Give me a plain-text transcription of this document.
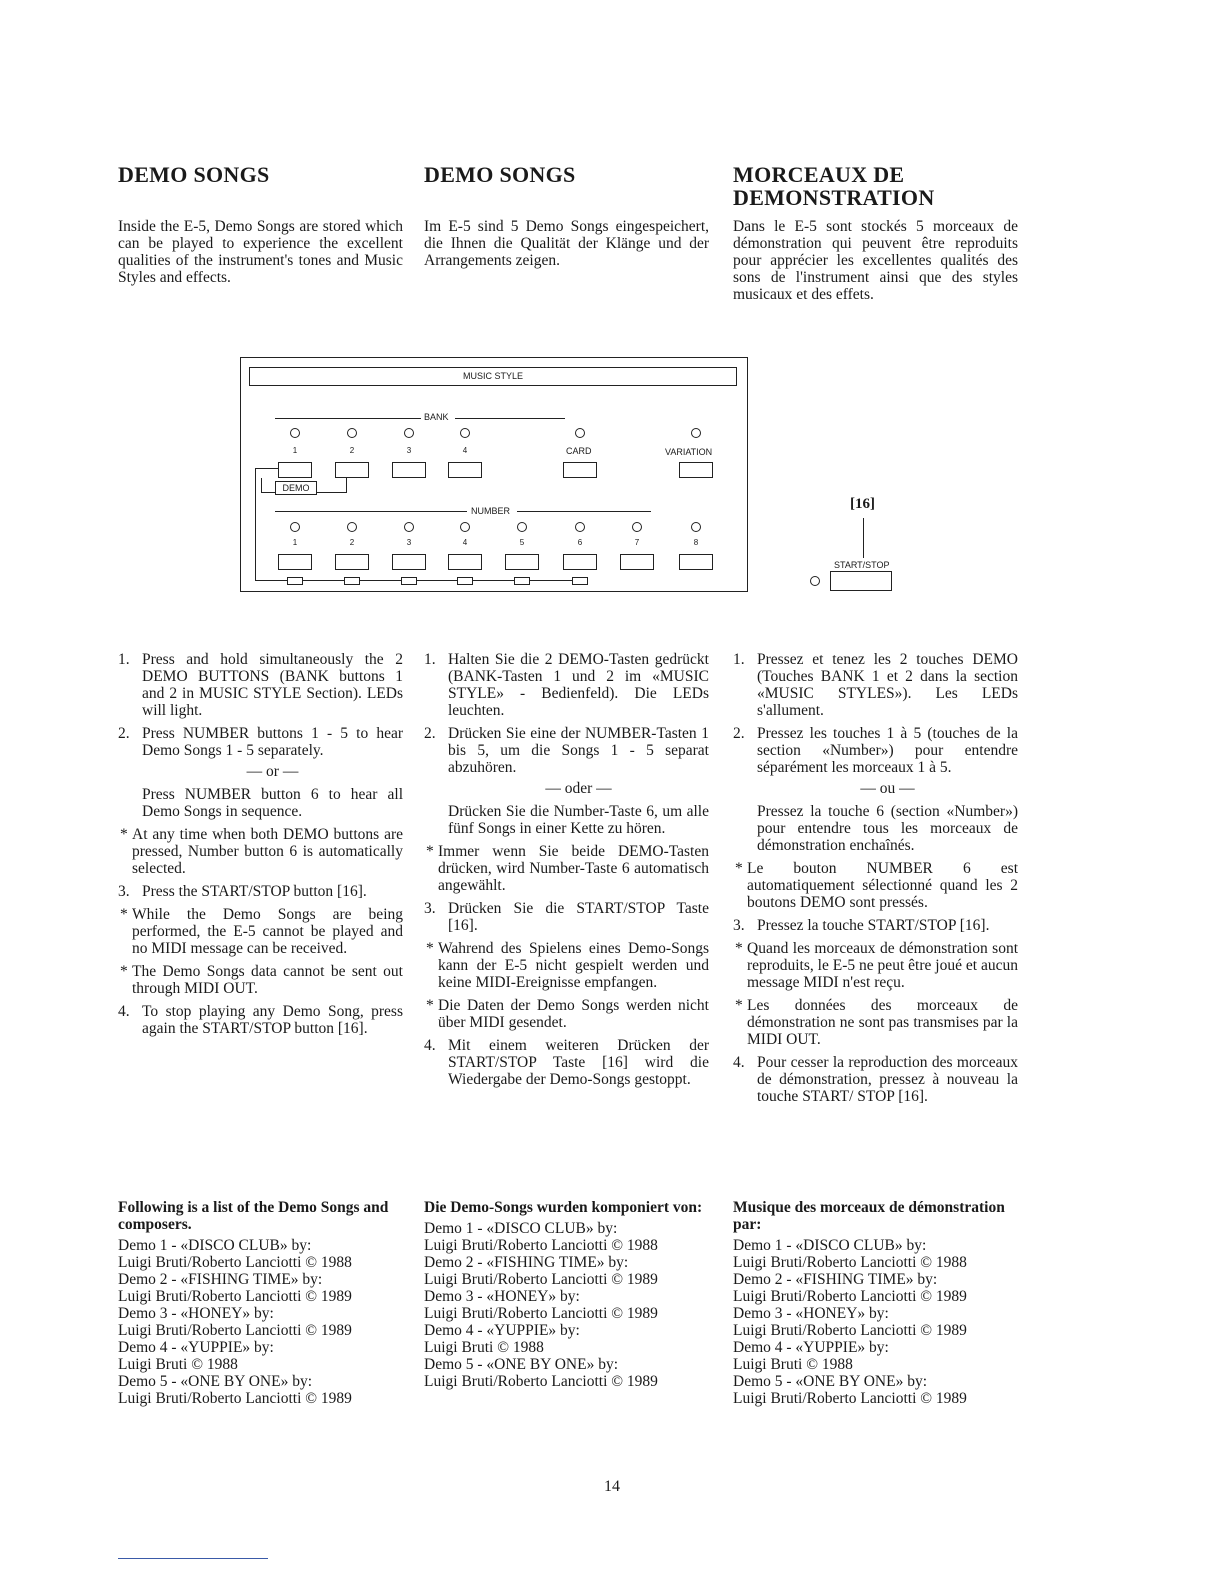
DEMO SONGS

Inside the E-5, Demo Songs are stored which can be played to experience the excellent qualities of the instrument's tones and Music Styles and effects.

DEMO SONGS

Im E-5 sind 5 Demo Songs eingespeichert, die Ihnen die Qualität der Klänge und der Arrangements zeigen.

MORCEAUX DE DEMONSTRATION

Dans le E-5 sont stockés 5 morceaux de démonstration qui peuvent être reproduits pour apprécier les excellentes qualités des sons de l'instrument ainsi que des styles musicaux et des effets.

MUSIC STYLE
BANK
1	2	3	4	CARD	VARIATION
DEMO
NUMBER
1	2	3	4	5	6	7	8
[16]
START/STOP
1. Press and hold simultaneously the 2 DEMO BUTTONS (BANK buttons 1 and 2 in MUSIC STYLE Section). LEDs will light.
2. Press NUMBER buttons 1 - 5 to hear Demo Songs 1 - 5 separately.
— or —
Press NUMBER button 6 to hear all Demo Songs in sequence.
* At any time when both DEMO buttons are pressed, Number button 6 is automatically selected.
3. Press the START/STOP button [16].
* While the Demo Songs are being performed, the E-5 cannot be played and no MIDI message can be received.
* The Demo Songs data cannot be sent out through MIDI OUT.
4. To stop playing any Demo Song, press again the START/STOP button [16].
1. Halten Sie die 2 DEMO-Tasten gedrückt (BANK-Tasten 1 und 2 im «MUSIC STYLE» - Bedienfeld). Die LEDs leuchten.
2. Drücken Sie eine der NUMBER-Tasten 1 bis 5, um die Songs 1 - 5 separat abzuhören.
— oder —
Drücken Sie die Number-Taste 6, um alle fünf Songs in einer Kette zu hören.
* Immer wenn Sie beide DEMO-Tasten drücken, wird Number-Taste 6 automatisch angewählt.
3. Drücken Sie die START/STOP Taste [16].
* Wahrend des Spielens eines Demo-Songs kann der E-5 nicht gespielt werden und keine MIDI-Ereignisse empfangen.
* Die Daten der Demo Songs werden nicht über MIDI gesendet.
4. Mit einem weiteren Drücken der START/STOP Taste [16] wird die Wiedergabe der Demo-Songs gestoppt.
1. Pressez et tenez les 2 touches DEMO (Touches BANK 1 et 2 dans la section «MUSIC STYLES»). Les LEDs s'allument.
2. Pressez les touches 1 à 5 (touches de la section «Number») pour entendre séparément les morceaux 1 à 5.
— ou —
Pressez la touche 6 (section «Number») pour entendre tous les morceaux de démonstration enchaînés.
* Le bouton NUMBER 6 est automatiquement sélectionné quand les 2 boutons DEMO sont pressés.
3. Pressez la touche START/STOP [16].
* Quand les morceaux de démonstration sont reproduits, le E-5 ne peut être joué et aucun message MIDI n'est reçu.
* Les données des morceaux de démonstration ne sont pas transmises par la MIDI OUT.
4. Pour cesser la reproduction des morceaux de démonstration, pressez à nouveau la touche START/ STOP [16].

Following is a list of the Demo Songs and composers.

Demo 1 - «DISCO CLUB» by:
Luigi Bruti/Roberto Lanciotti © 1988
Demo 2 - «FISHING TIME» by:
Luigi Bruti/Roberto Lanciotti © 1989
Demo 3 - «HONEY» by:
Luigi Bruti/Roberto Lanciotti © 1989
Demo 4 - «YUPPIE» by:
Luigi Bruti © 1988
Demo 5 - «ONE BY ONE» by:
Luigi Bruti/Roberto Lanciotti © 1989

Die Demo-Songs wurden komponiert von:

Demo 1 - «DISCO CLUB» by:
Luigi Bruti/Roberto Lanciotti © 1988
Demo 2 - «FISHING TIME» by:
Luigi Bruti/Roberto Lanciotti © 1989
Demo 3 - «HONEY» by:
Luigi Bruti/Roberto Lanciotti © 1989
Demo 4 - «YUPPIE» by:
Luigi Bruti © 1988
Demo 5 - «ONE BY ONE» by:
Luigi Bruti/Roberto Lanciotti © 1989

Musique des morceaux de démonstration par:

Demo 1 - «DISCO CLUB» by:
Luigi Bruti/Roberto Lanciotti © 1988
Demo 2 - «FISHING TIME» by:
Luigi Bruti/Roberto Lanciotti © 1989
Demo 3 - «HONEY» by:
Luigi Bruti/Roberto Lanciotti © 1989
Demo 4 - «YUPPIE» by:
Luigi Bruti © 1988
Demo 5 - «ONE BY ONE» by:
Luigi Bruti/Roberto Lanciotti © 1989
14
